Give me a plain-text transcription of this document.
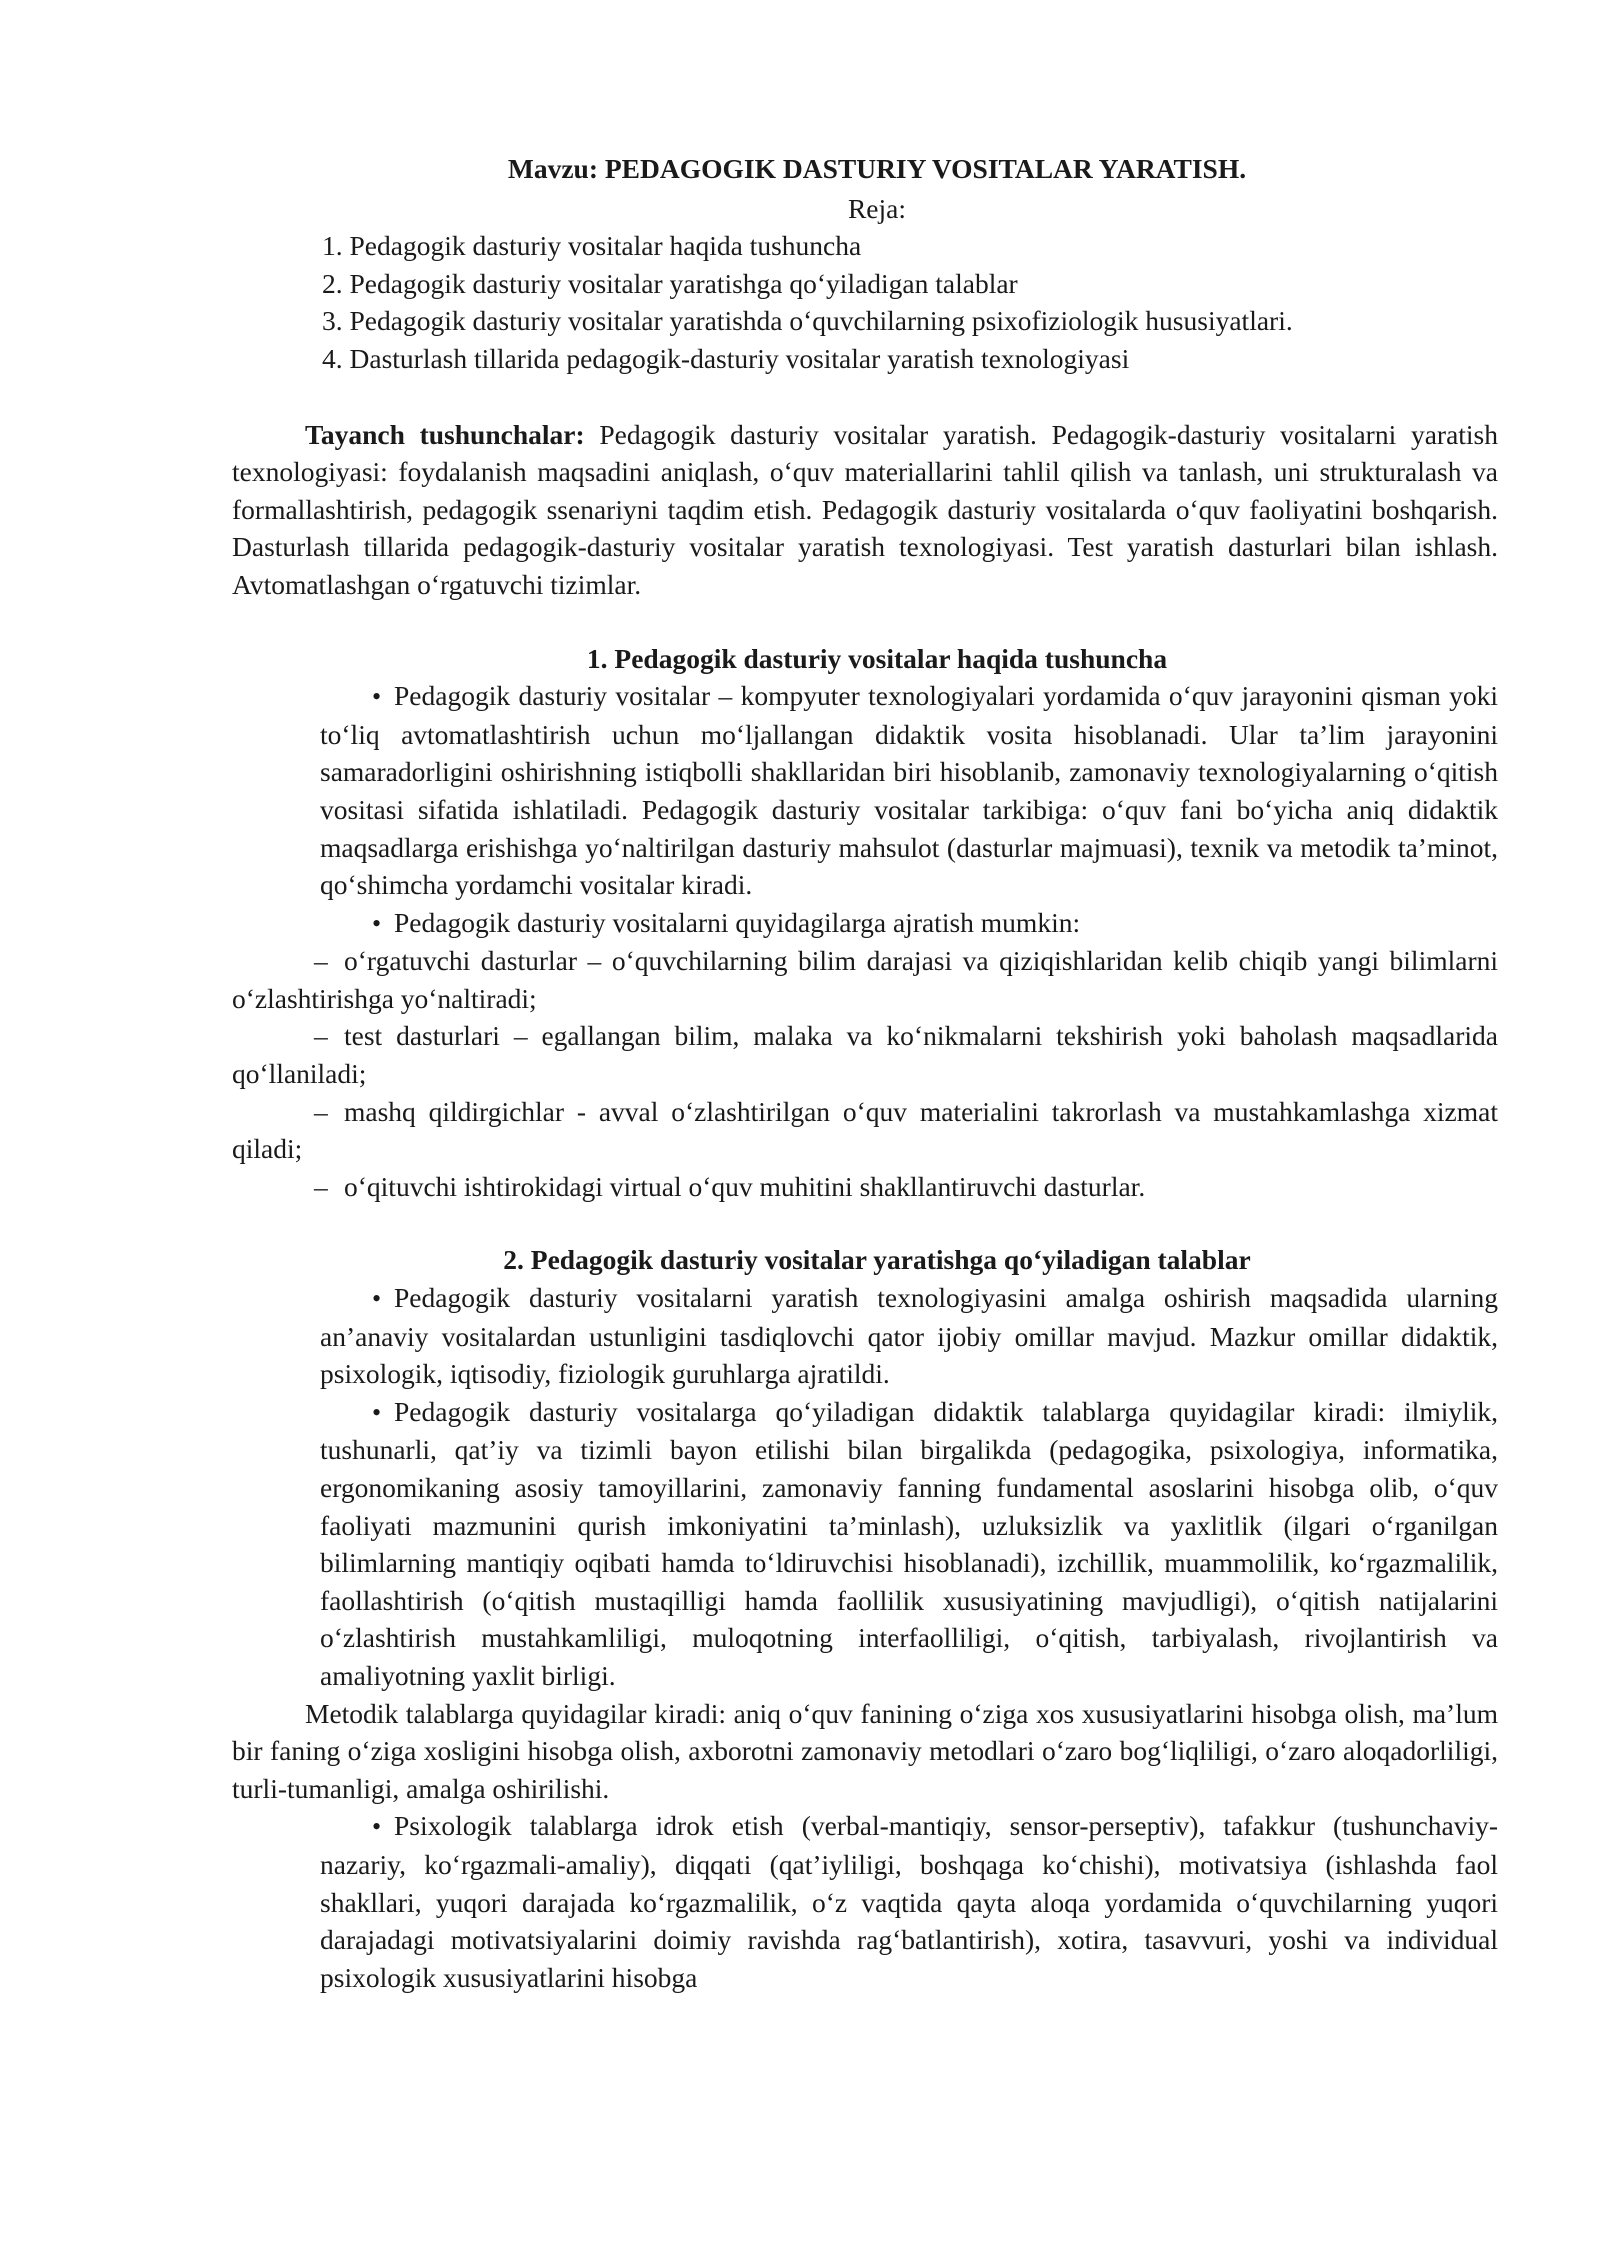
Mavzu: PEDAGOGIK DASTURIY VOSITALAR YARATISH.

Reja:

1. Pedagogik dasturiy vositalar haqida tushuncha
2. Pedagogik dasturiy vositalar yaratishga qo‘yiladigan talablar
3. Pedagogik dasturiy vositalar yaratishda o‘quvchilarning psixofiziologik hususiyatlari.
4. Dasturlash tillarida pedagogik-dasturiy vositalar yaratish texnologiyasi

Tayanch tushunchalar: Pedagogik dasturiy vositalar yaratish. Pedagogik-dasturiy vositalarni yaratish texnologiyasi: foydalanish maqsadini aniqlash, o‘quv materiallarini tahlil qilish va tanlash, uni strukturalash va formallashtirish, pedagogik ssenariyni taqdim etish. Pedagogik dasturiy vositalarda o‘quv faoliyatini boshqarish. Dasturlash tillarida pedagogik-dasturiy vositalar yaratish texnologiyasi. Test yaratish dasturlari bilan ishlash. Avtomatlashgan o‘rgatuvchi tizimlar.

1. Pedagogik dasturiy vositalar haqida tushuncha

• Pedagogik dasturiy vositalar – kompyuter texnologiyalari yordamida o‘quv jarayonini qisman yoki to‘liq avtomatlashtirish uchun mo‘ljallangan didaktik vosita hisoblanadi. Ular ta’lim jarayonini samaradorligini oshirishning istiqbolli shakllaridan biri hisoblanib, zamonaviy texnologiyalarning o‘qitish vositasi sifatida ishlatiladi. Pedagogik dasturiy vositalar tarkibiga: o‘quv fani bo‘yicha aniq didaktik maqsadlarga erishishga yo‘naltirilgan dasturiy mahsulot (dasturlar majmuasi), texnik va metodik ta’minot, qo‘shimcha yordamchi vositalar kiradi.

• Pedagogik dasturiy vositalarni quyidagilarga ajratish mumkin:

– o‘rgatuvchi dasturlar – o‘quvchilarning bilim darajasi va qiziqishlaridan kelib chiqib yangi bilimlarni o‘zlashtirishga yo‘naltiradi;

– test dasturlari – egallangan bilim, malaka va ko‘nikmalarni tekshirish yoki baholash maqsadlarida qo‘llaniladi;

– mashq qildirgichlar - avval o‘zlashtirilgan o‘quv materialini takrorlash va mustahkamlashga xizmat qiladi;

– o‘qituvchi ishtirokidagi virtual o‘quv muhitini shakllantiruvchi dasturlar.

2. Pedagogik dasturiy vositalar yaratishga qo‘yiladigan talablar

• Pedagogik dasturiy vositalarni yaratish texnologiyasini amalga oshirish maqsadida ularning an’anaviy vositalardan ustunligini tasdiqlovchi qator ijobiy omillar mavjud. Mazkur omillar didaktik, psixologik, iqtisodiy, fiziologik guruhlarga ajratildi.

• Pedagogik dasturiy vositalarga qo‘yiladigan didaktik talablarga quyidagilar kiradi: ilmiylik, tushunarli, qat’iy va tizimli bayon etilishi bilan birgalikda (pedagogika, psixologiya, informatika, ergonomikaning asosiy tamoyillarini, zamonaviy fanning fundamental asoslarini hisobga olib, o‘quv faoliyati mazmunini qurish imkoniyatini ta’minlash), uzluksizlik va yaxlitlik (ilgari o‘rganilgan bilimlarning mantiqiy oqibati hamda to‘ldiruvchisi hisoblanadi), izchillik, muammolilik, ko‘rgazmalilik, faollashtirish (o‘qitish mustaqilligi hamda faollilik xususiyatining mavjudligi), o‘qitish natijalarini o‘zlashtirish mustahkamliligi, muloqotning interfaolliligi, o‘qitish, tarbiyalash, rivojlantirish va amaliyotning yaxlit birligi.

Metodik talablarga quyidagilar kiradi: aniq o‘quv fanining o‘ziga xos xususiyatlarini hisobga olish, ma’lum bir faning o‘ziga xosligini hisobga olish, axborotni zamonaviy metodlari o‘zaro bog‘liqliligi, o‘zaro aloqadorliligi, turli-tumanligi, amalga oshirilishi.

• Psixologik talablarga idrok etish (verbal-mantiqiy, sensor-perseptiv), tafakkur (tushunchaviy-nazariy, ko‘rgazmali-amaliy), diqqati (qat’iyliligi, boshqaga ko‘chishi), motivatsiya (ishlashda faol shakllari, yuqori darajada ko‘rgazmalilik, o‘z vaqtida qayta aloqa yordamida o‘quvchilarning yuqori darajadagi motivatsiyalarini doimiy ravishda rag‘batlantirish), xotira, tasavvuri, yoshi va individual psixologik xususiyatlarini hisobga
